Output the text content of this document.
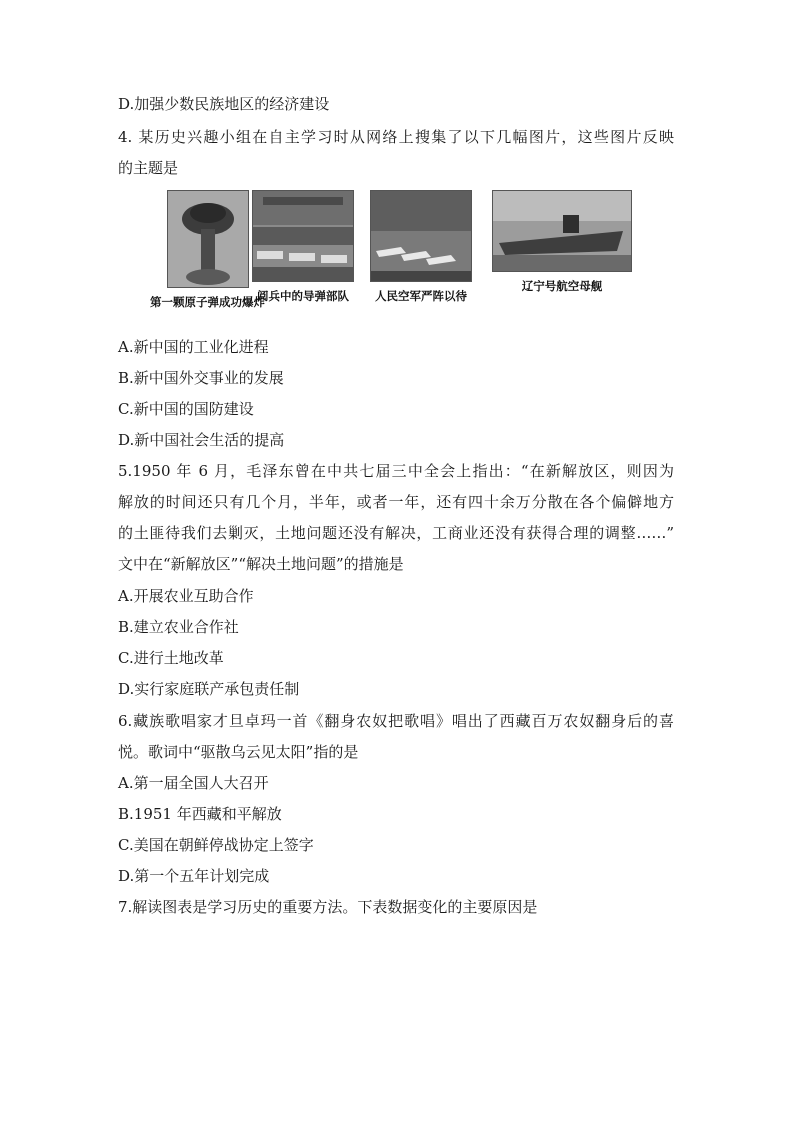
D.加强少数民族地区的经济建设
4. 某历史兴趣小组在自主学习时从网络上搜集了以下几幅图片，这些图片反映
的主题是
第一颗原子弹成功爆炸
阅兵中的导弹部队 人民空军严阵以待
辽宁号航空母舰
A.新中国的工业化进程
B.新中国外交事业的发展
C.新中国的国防建设
D.新中国社会生活的提高
5.1950 年 6 月，毛泽东曾在中共七届三中全会上指出：“在新解放区，则因为
解放的时间还只有几个月，半年，或者一年，还有四十余万分散在各个偏僻地方
的土匪待我们去剿灭，土地问题还没有解决，工商业还没有获得合理的调整……”
文中在“新解放区”“解决土地问题”的措施是
A.开展农业互助合作
B.建立农业合作社
C.进行土地改革
D.实行家庭联产承包责任制
6.藏族歌唱家才旦卓玛一首《翻身农奴把歌唱》唱出了西藏百万农奴翻身后的喜
悦。歌词中“驱散乌云见太阳”指的是
A.第一届全国人大召开
B.1951 年西藏和平解放
C.美国在朝鲜停战协定上签字
D.第一个五年计划完成
7.解读图表是学习历史的重要方法。下表数据变化的主要原因是
